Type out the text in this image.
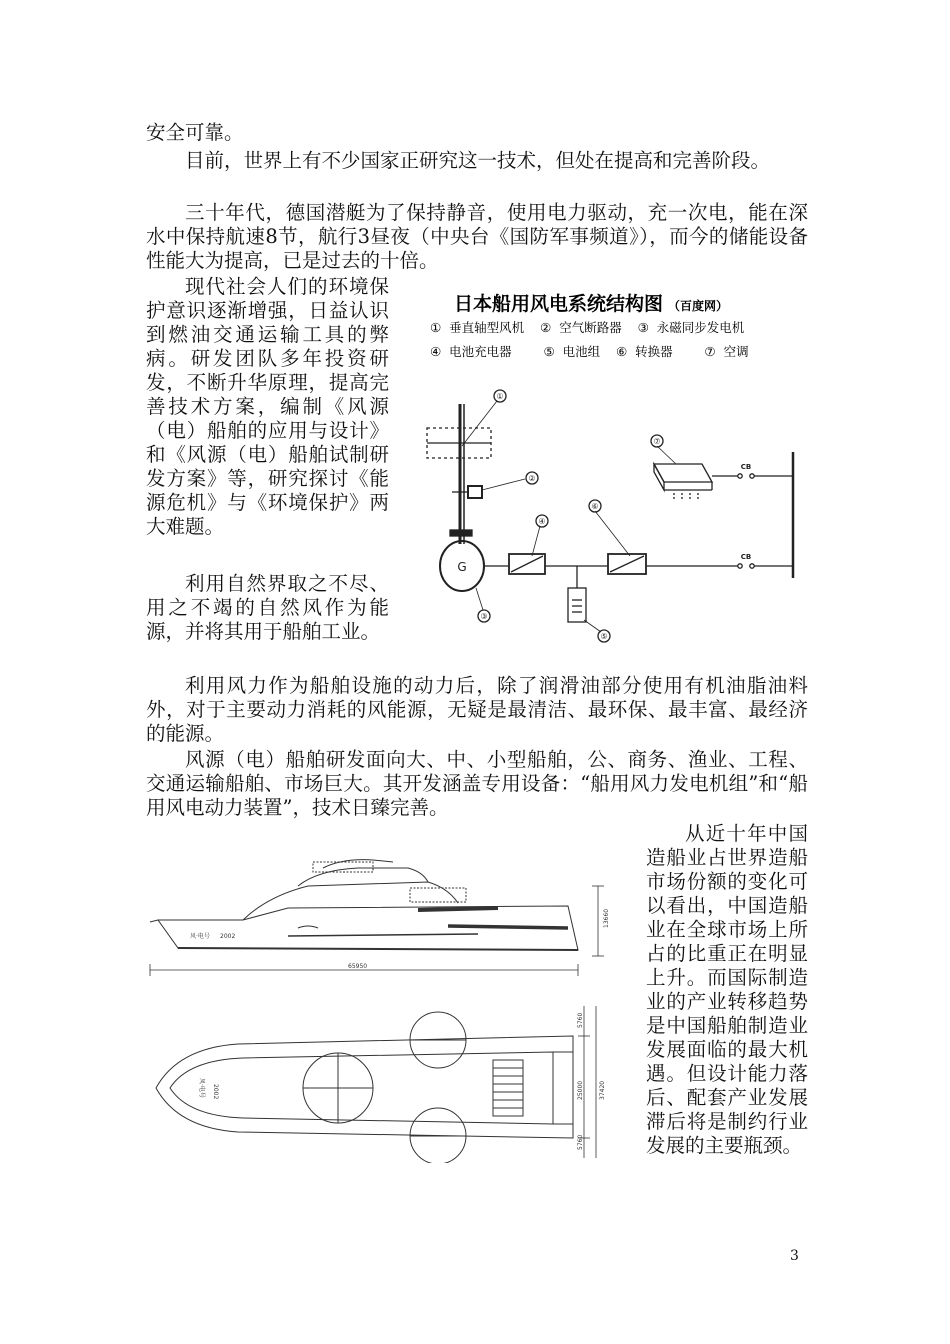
安全可靠。

目前，世界上有不少国家正研究这一技术，但处在提高和完善阶段。

三十年代，德国潜艇为了保持静音，使用电力驱动，充一次电，能在深水中保持航速8节，航行3昼夜（中央台《国防军事频道》），而今的储能设备性能大为提高，已是过去的十倍。

现代社会人们的环境保护意识逐渐增强，日益认识到燃油交通运输工具的弊病。研发团队多年投资研发，不断升华原理，提高完善技术方案，编制《风源（电）船舶的应用与设计》和《风源（电）船舶试制研发方案》等，研究探讨《能源危机》与《环境保护》两大难题。

利用自然界取之不尽、用之不竭的自然风作为能源，并将其用于船舶工业。

利用风力作为船舶设施的动力后，除了润滑油部分使用有机油脂油料外，对于主要动力消耗的风能源，无疑是最清洁、最环保、最丰富、最经济的能源。

风源（电）船舶研发面向大、中、小型船舶，公、商务、渔业、工程、交通运输船舶、市场巨大。其开发涵盖专用设备：“船用风力发电机组”和“船用风电动力装置”，技术日臻完善。

从近十年中国造船业占世界造船市场份额的变化可以看出，中国造船业在全球市场上所占的比重正在明显上升。而国际制造业的产业转移趋势是中国船舶制造业发展面临的最大机遇。但设计能力落后、配套产业发展滞后将是制约行业发展的主要瓶颈。

日本船用风电系统结构图 （百度网）
①  垂直轴型风机    ②  空气断路器    ③  永磁同步发电机
④  电池充电器        ⑤  电池组    ⑥  转换器        ⑦  空调
①
②
③
④
⑥
⑤
⑦
G
CB
CB
65950
13660
5760
25000
5760
37420
2002
风·电号
2002
风·电号
3
